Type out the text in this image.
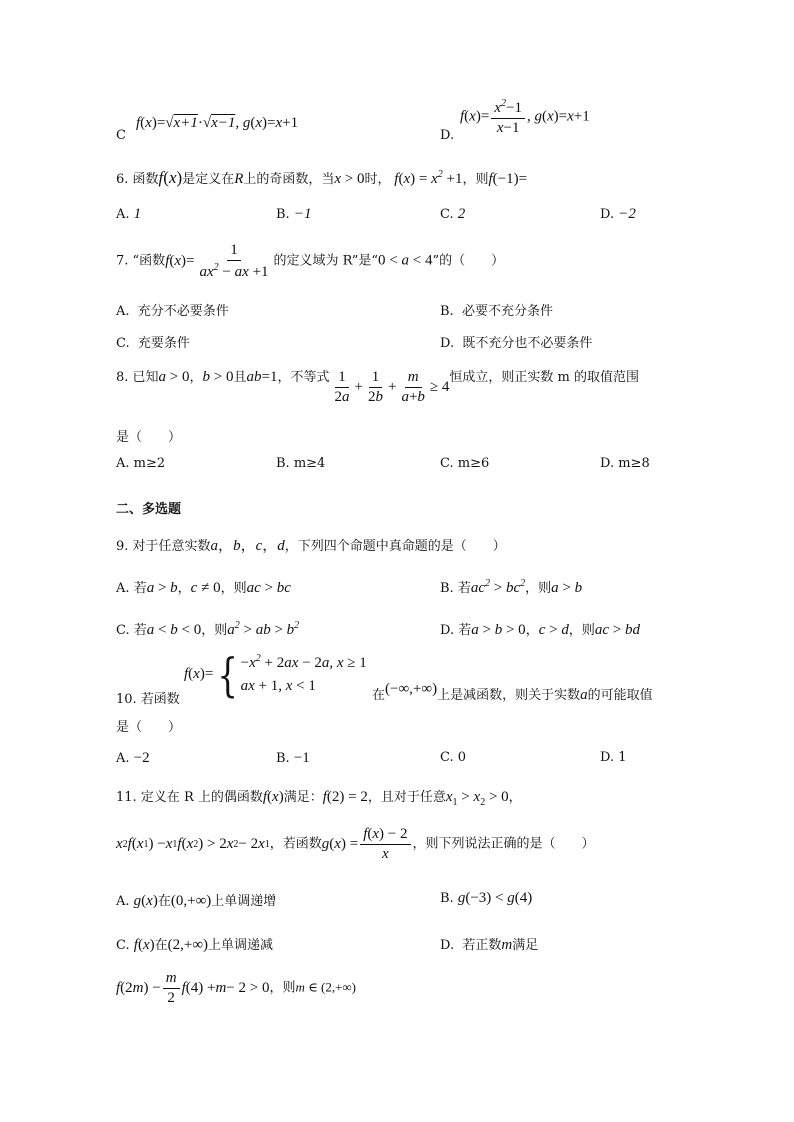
C
f(x)=√x+1·√x−1, g(x)=x+1
D.
$f(x)= \frac{x^2-1}{x-1}$ , g(x)=x+1
6. 函数f(x)是定义在R上的奇函数，当x > 0时， $f(x) = x^2 +1$，则f(−1)=
A. 1	B. −1	C. 2	D. −2
7. “函数f ( x )= $\frac{1}{ax^2 - ax +1}$ 的定义域为 R”是“0 < a < 4”的（　　）
A. 充分不必要条件	B. 必要不充分条件
C. 充要条件	D. 既不充分也不必要条件
8. 已知a > 0，b > 0且ab=1，不等式 $\frac{1}{2a} + \frac{1}{2b} + \frac{m}{a+b} \ge 4$
恒成立，则正实数 m 的取值范围
是（　　）
A. m≥2	B. m≥4	C. m≥6	D. m≥8
二、多选题
9. 对于任意实数a，b，c，d，下列四个命题中真命题的是（　　）
A. 若a > b，c ≠ 0，则ac > bc	B. 若$ac^2 > bc^2$，则a > b
C. 若a < b < 0，则$a^2$ > ab > $b^2$	D. 若a > b > 0，c > d，则ac > bd
10. 若函数
f ( x )= { $-x^2 + 2ax - 2a$, x ≥ 1
ax + 1, x < 1
在(−∞,+∞)上是减函数，则关于实数a的可能取值
是（　　）
A. −2	B. −1	C. 0	D. 1
11. 定义在 R 上的偶函数f(x)满足：f(2) = 2，且对于任意$x_1 > x_2 > 0$，
x 2 f ( x 1 ) − x 1 f ( x 2 ) > 2 x 2 − 2 x 1 ，若函数g ( x ) = $\frac{f(x) - 2}{x}$ ，则下列说法正确的是（　　）
A. g(x)在(0,+∞)上单调递增	B. g(−3) < g(4)
C. f(x)在(2,+∞)上单调递减	D. 若正数m满足
f (2 m ) − $\frac{m}{2}$ f (4) + m − 2 > 0 ，则m ∈ (2,+∞)
